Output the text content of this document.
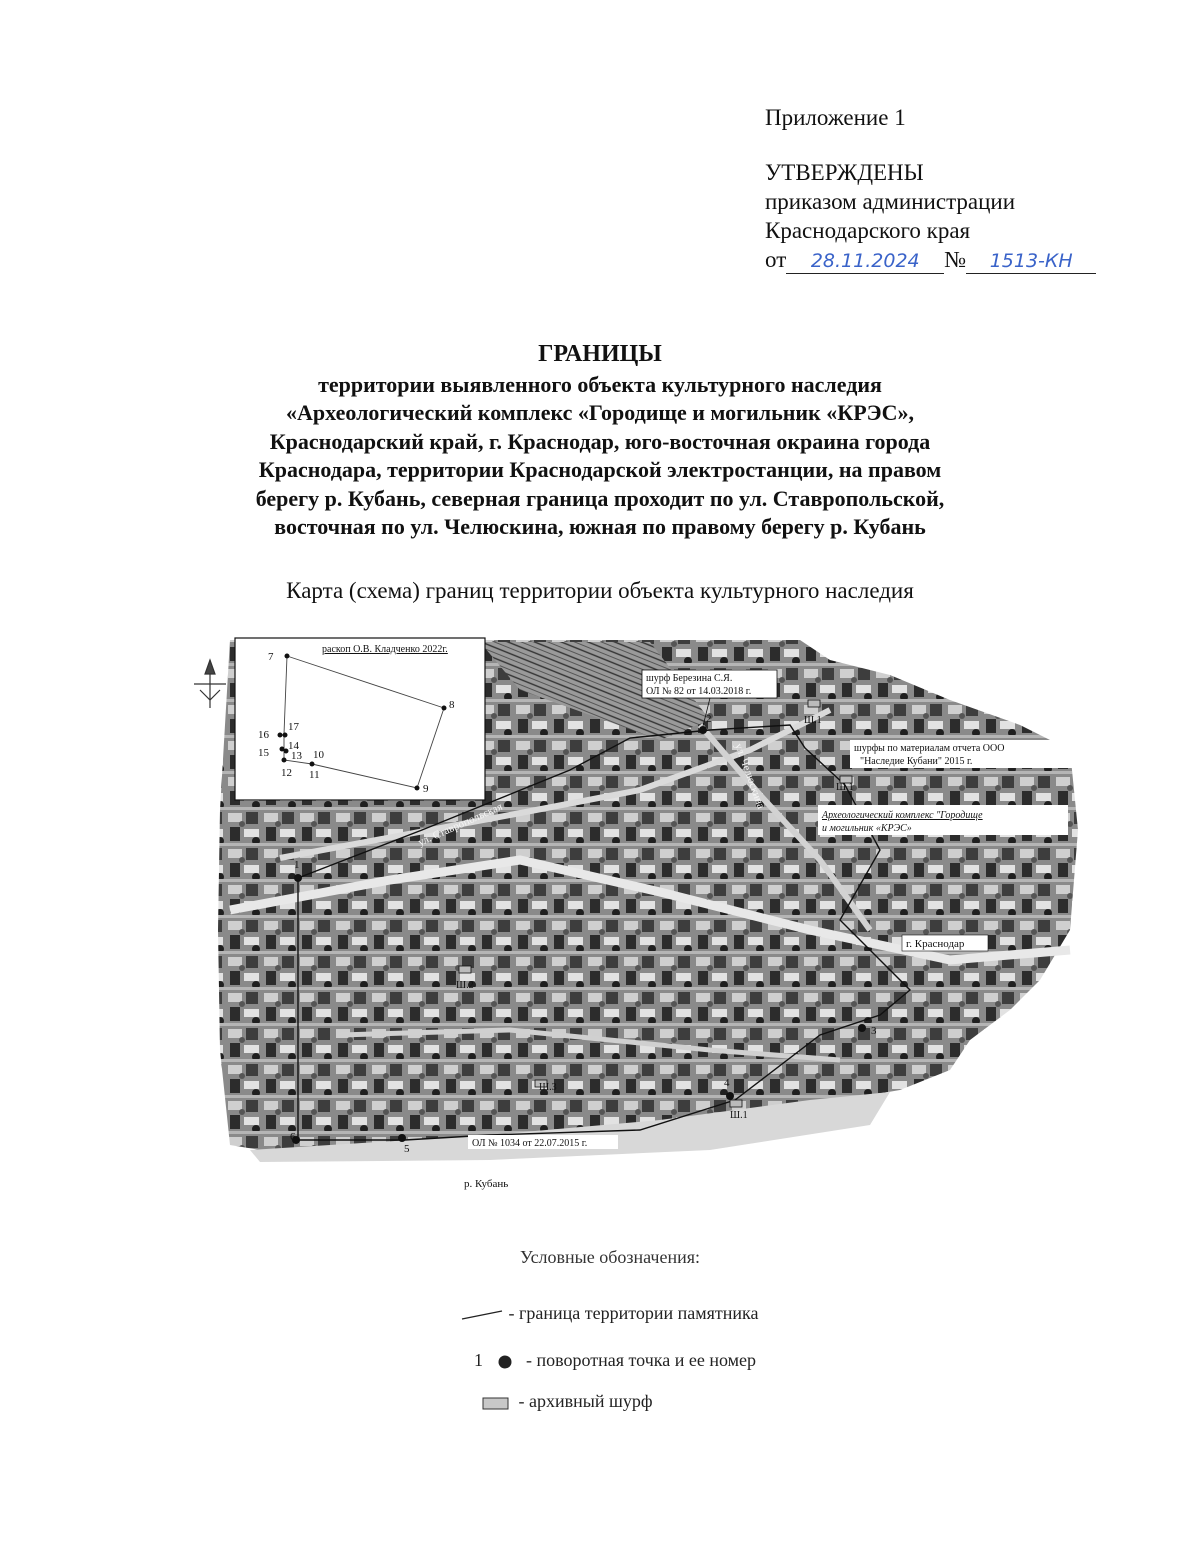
Приложение 1
УТВЕРЖДЕНЫ
приказом администрации
Краснодарского края
от 28.11.2024 № 1513-КН
ГРАНИЦЫ
территории выявленного объекта культурного наследия
«Археологический комплекс «Городище и могильник «КРЭС»,
Краснодарский край, г. Краснодар, юго-восточная окраина города
Краснодара, территории Краснодарской электростанции, на правом
берегу р. Кубань, северная граница проходит по ул. Ставропольской,
восточная по ул. Челюскина, южная по правому берегу р. Кубань
Карта (схема) границ территории объекта культурного наследия
1
2
3
4
5
6
Ш.1
Ш.1
Ш.2
Ш.3
Ш.1
шурф Березина С.Я.
ОЛ № 82 от 14.03.2018 г.
шурфы по материалам отчета ООО
"Наследие Кубани" 2015 г.
Археологический комплекс "Городище
и могильник «КРЭС»
ул. Ставропольская
ул. Челюскина
г. Краснодар
ОЛ № 1034 от 22.07.2015 г.
р. Кубань
раскоп О.В. Кладченко 2022г.
7
8
9
10
11
12
13
14
15
16
17
Условные обозначения:
- граница территории памятника
1 - поворотная точка и ее номер
- архивный шурф
